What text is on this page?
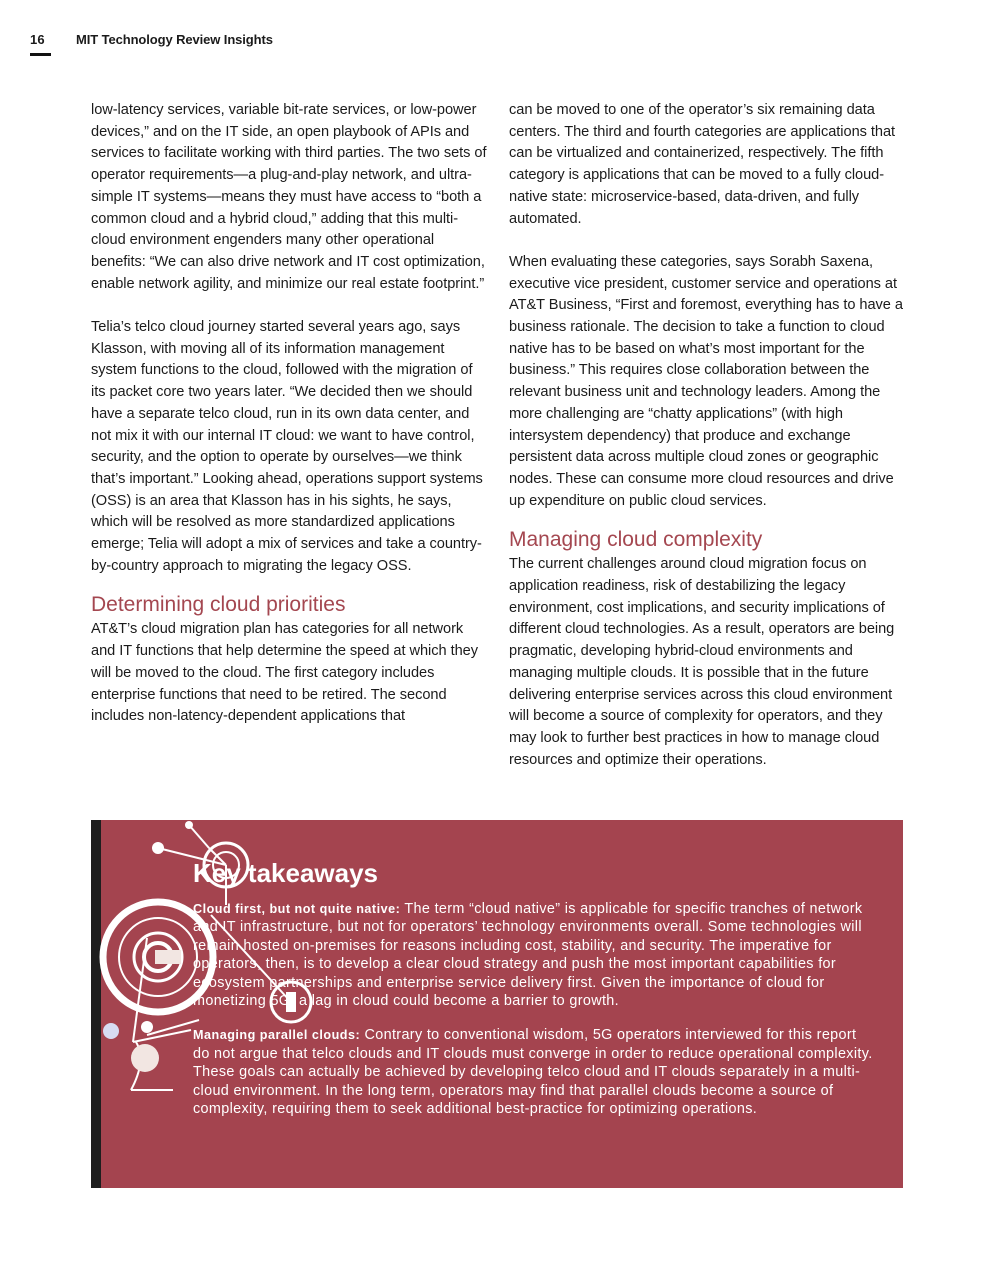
16 MIT Technology Review Insights

low-latency services, variable bit-rate services, or low-power devices,” and on the IT side, an open playbook of APIs and services to facilitate working with third parties. The two sets of operator requirements—a plug-and-play network, and ultra-simple IT systems—means they must have access to “both a common cloud and a hybrid cloud,” adding that this multi-cloud environment engenders many other operational benefits: “We can also drive network and IT cost optimization, enable network agility, and minimize our real estate footprint.”

Telia’s telco cloud journey started several years ago, says Klasson, with moving all of its information management system functions to the cloud, followed with the migration of its packet core two years later. “We decided then we should have a separate telco cloud, run in its own data center, and not mix it with our internal IT cloud: we want to have control, security, and the option to operate by ourselves—we think that’s important.” Looking ahead, operations support systems (OSS) is an area that Klasson has in his sights, he says, which will be resolved as more standardized applications emerge; Telia will adopt a mix of services and take a country-by-country approach to migrating the legacy OSS.

Determining cloud priorities

AT&T’s cloud migration plan has categories for all network and IT functions that help determine the speed at which they will be moved to the cloud. The first category includes enterprise functions that need to be retired. The second includes non-latency-dependent applications that

can be moved to one of the operator’s six remaining data centers. The third and fourth categories are applications that can be virtualized and containerized, respectively. The fifth category is applications that can be moved to a fully cloud-native state: microservice-based, data-driven, and fully automated.

When evaluating these categories, says Sorabh Saxena, executive vice president, customer service and operations at AT&T Business, “First and foremost, everything has to have a business rationale. The decision to take a function to cloud native has to be based on what’s most important for the business.” This requires close collaboration between the relevant business unit and technology leaders. Among the more challenging are “chatty applications” (with high intersystem dependency) that produce and exchange persistent data across multiple cloud zones or geographic nodes. These can consume more cloud resources and drive up expenditure on public cloud services.

Managing cloud complexity

The current challenges around cloud migration focus on application readiness, risk of destabilizing the legacy environment, cost implications, and security implications of different cloud technologies. As a result, operators are being pragmatic, developing hybrid-cloud environments and managing multiple clouds. It is possible that in the future delivering enterprise services across this cloud environment will become a source of complexity for operators, and they may look to further best practices in how to manage cloud resources and optimize their operations.

Key takeaways

Cloud first, but not quite native: The term “cloud native” is applicable for specific tranches of network and IT infrastructure, but not for operators’ technology environments overall. Some technologies will remain hosted on-premises for reasons including cost, stability, and security. The imperative for operators, then, is to develop a clear cloud strategy and push the most important capabilities for ecosystem partnerships and enterprise service delivery first. Given the importance of cloud for monetizing 5G, a lag in cloud could become a barrier to growth.

Managing parallel clouds: Contrary to conventional wisdom, 5G operators interviewed for this report do not argue that telco clouds and IT clouds must converge in order to reduce operational complexity. These goals can actually be achieved by developing telco cloud and IT clouds separately in a multi-cloud environment. In the long term, operators may find that parallel clouds become a source of complexity, requiring them to seek additional best-practice for optimizing operations.
